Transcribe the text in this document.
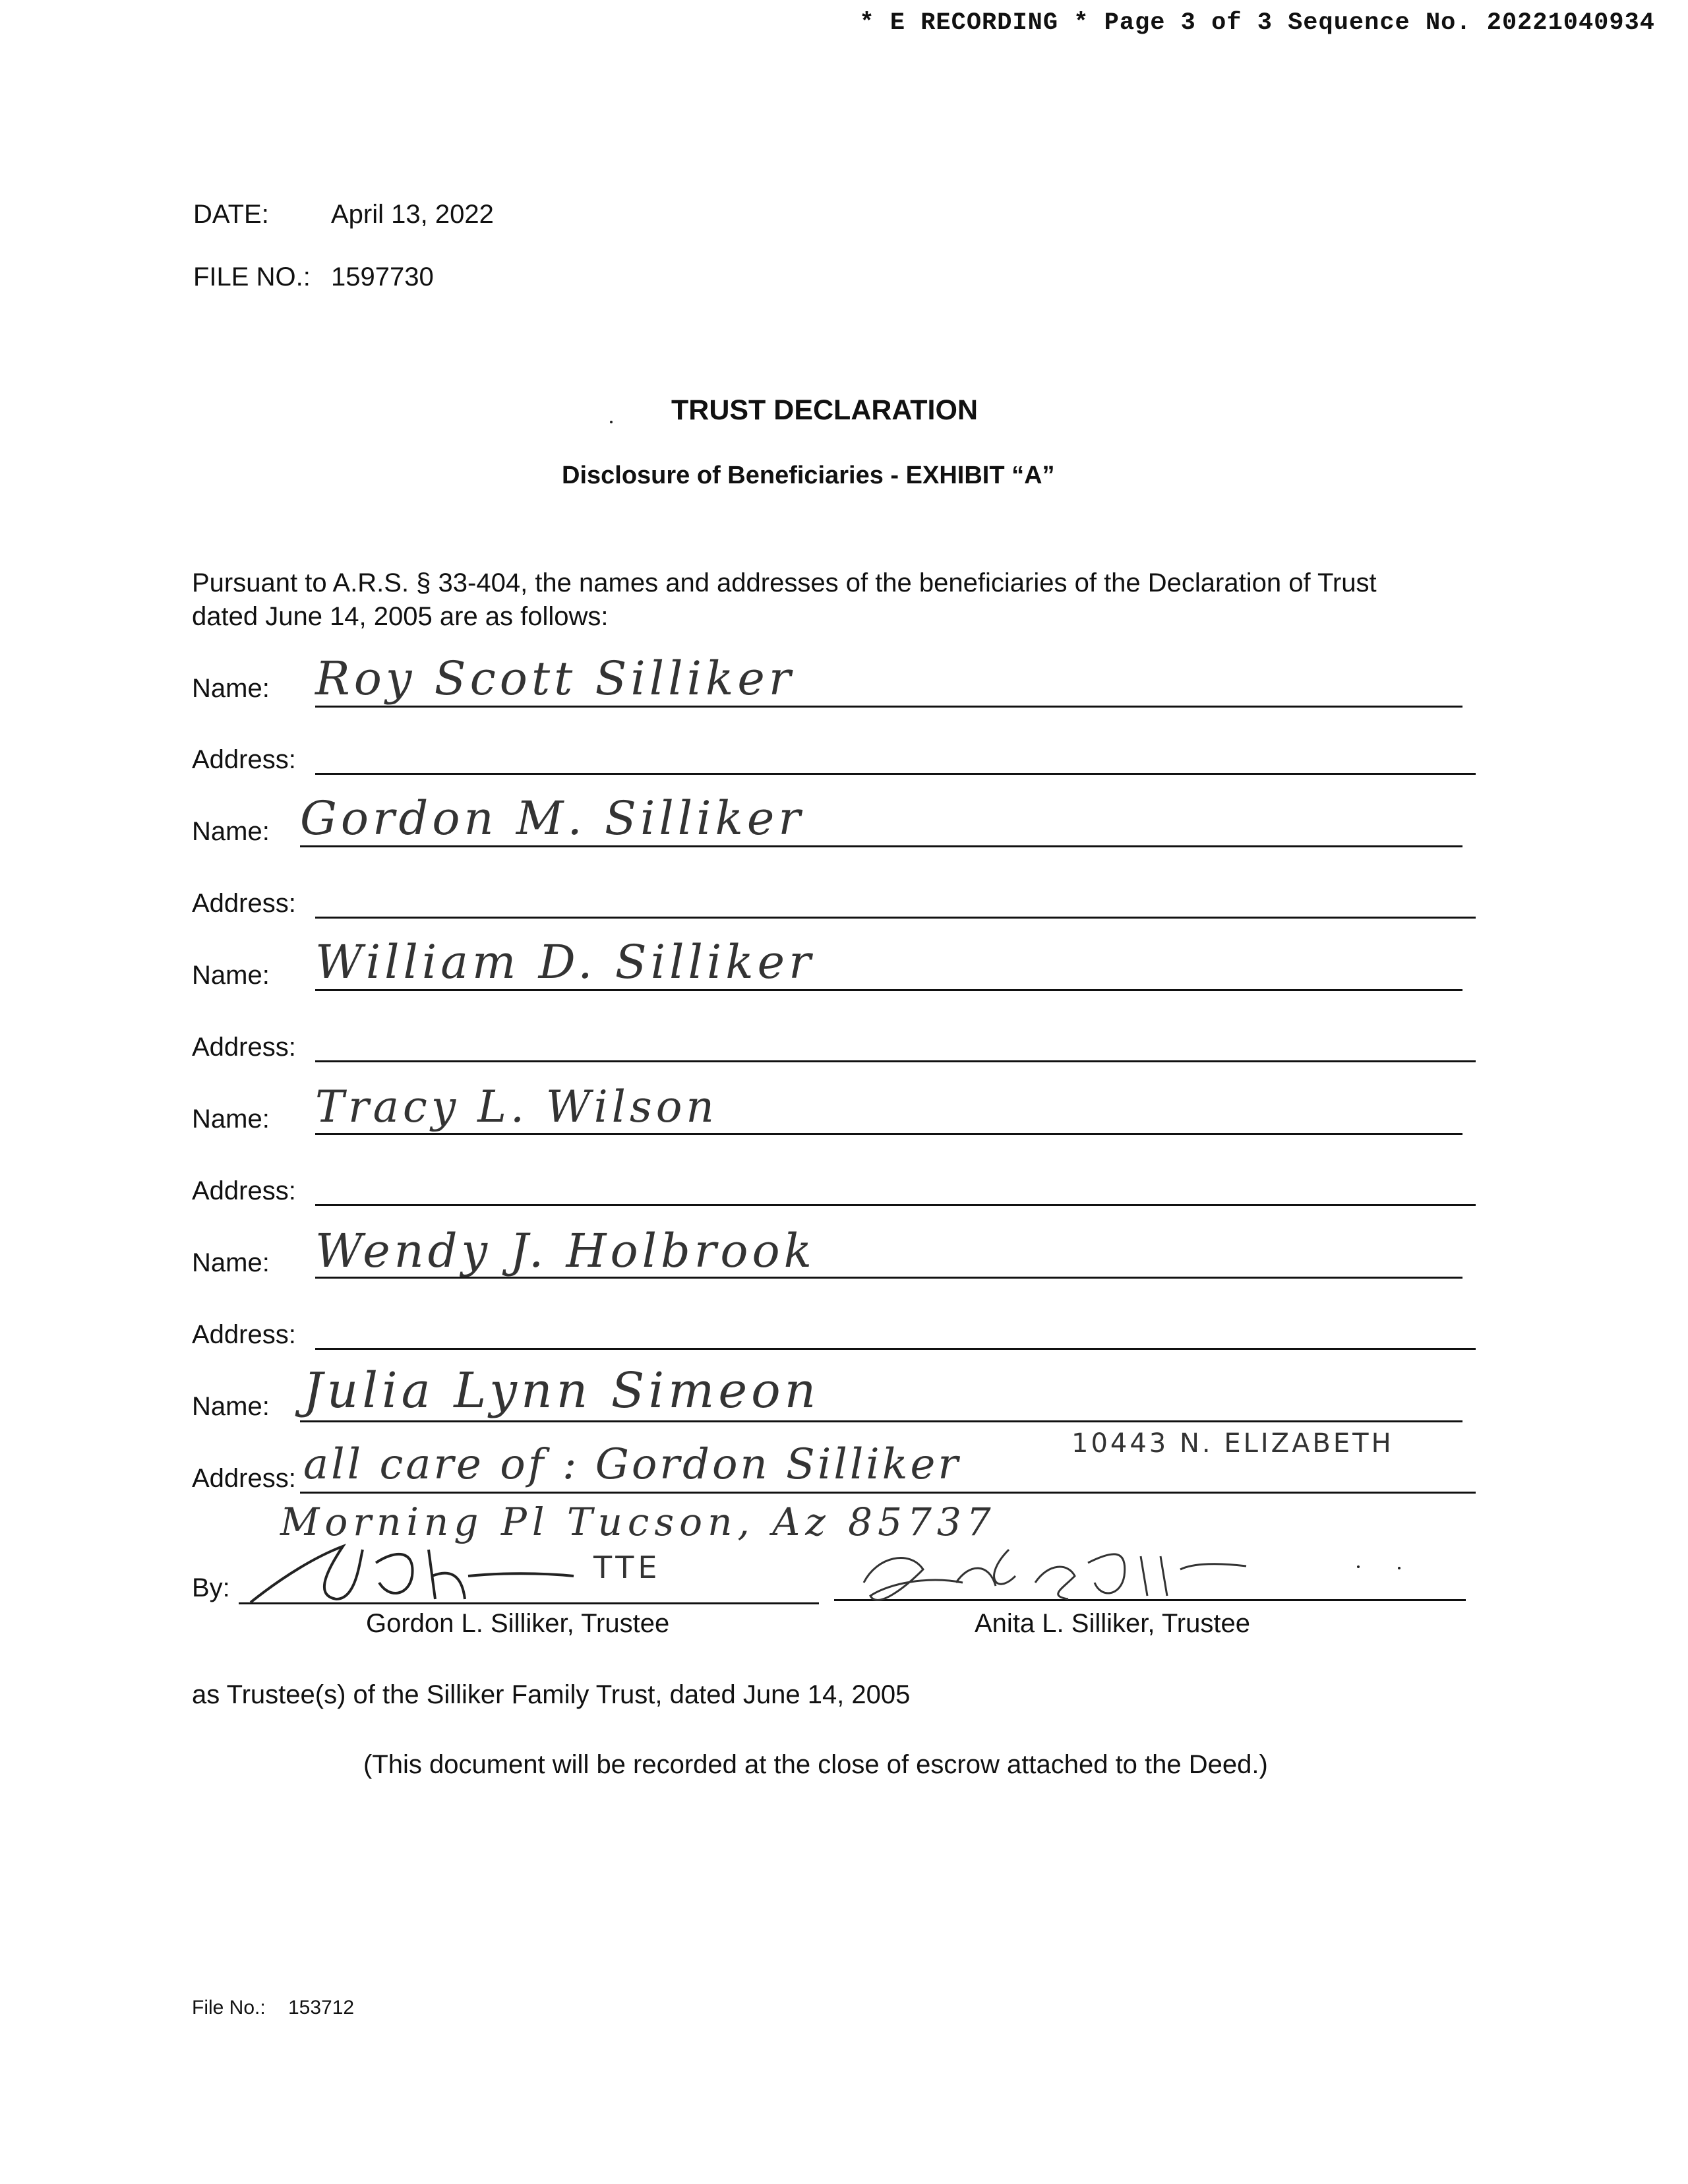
* E RECORDING * Page 3 of 3 Sequence No. 20221040934
DATE: April 13, 2022
FILE NO.: 1597730
TRUST DECLARATION
Disclosure of Beneficiaries - EXHIBIT “A”
Pursuant to A.R.S. § 33-404, the names and addresses of the beneficiaries of the Declaration of Trust
dated June 14, 2005 are as follows:
Name: Roy Scott Silliker
Address:
Name: Gordon M. Silliker
Address:
Name: William D. Silliker
Address:
Name: Tracy L. Wilson
Address:
Name: Wendy J. Holbrook
Address:
Name: Julia Lynn Simeon
Address: all care of : Gordon Silliker	10443 N. ELIZABETH
Morning Pl Tucson, Az 85737
By:
TTE
Gordon L. Silliker, Trustee	Anita L. Silliker, Trustee
as Trustee(s) of the Silliker Family Trust, dated June 14, 2005
(This document will be recorded at the close of escrow attached to the Deed.)
File No.: 153712
